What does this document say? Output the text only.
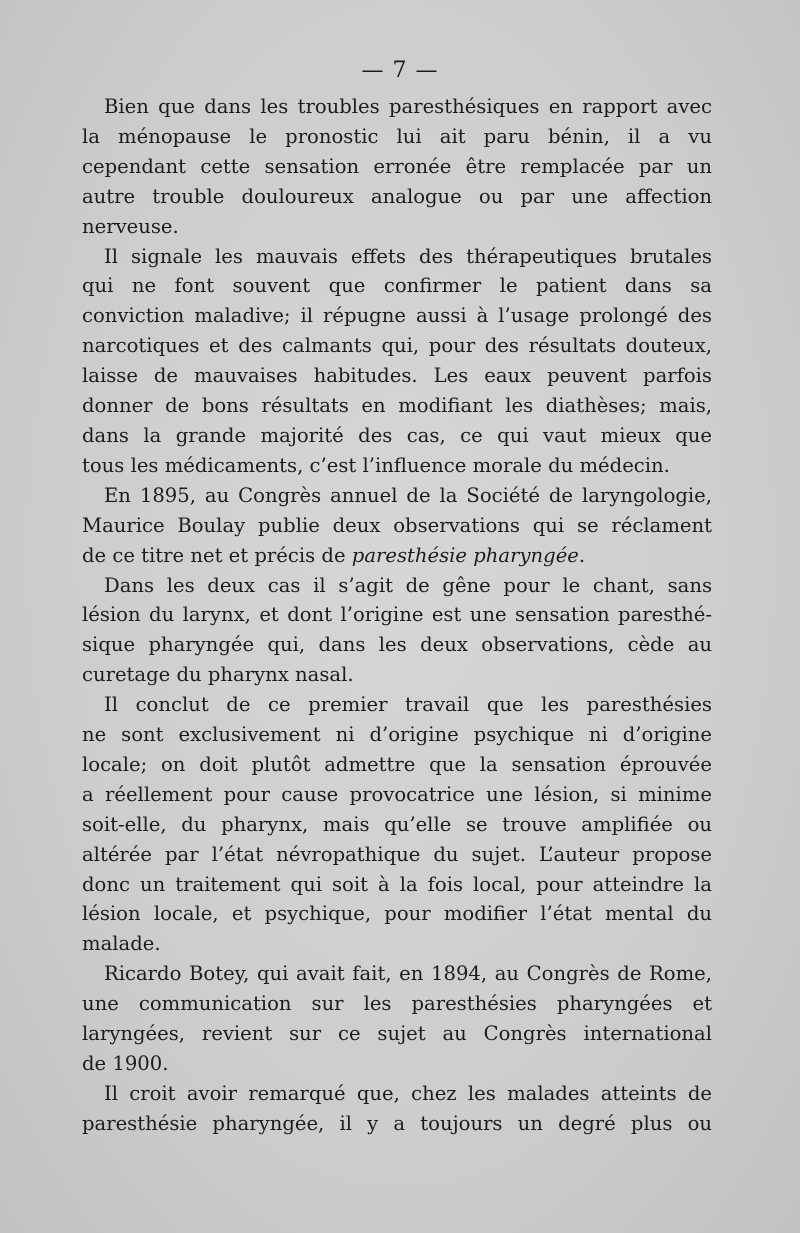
— 7 —

Bien que dans les troubles paresthésiques en rapport avec
la ménopause le pronostic lui ait paru bénin, il a vu
cependant cette sensation erronée être remplacée par un
autre trouble douloureux analogue ou par une affection
nerveuse.

Il signale les mauvais effets des thérapeutiques brutales
qui ne font souvent que confirmer le patient dans sa
conviction maladive; il répugne aussi à l’usage prolongé des
narcotiques et des calmants qui, pour des résultats douteux,
laisse de mauvaises habitudes. Les eaux peuvent parfois
donner de bons résultats en modifiant les diathèses; mais,
dans la grande majorité des cas, ce qui vaut mieux que
tous les médicaments, c’est l’influence morale du médecin.

En 1895, au Congrès annuel de la Société de laryngologie,
Maurice Boulay publie deux observations qui se réclament
de ce titre net et précis de paresthésie pharyngée.

Dans les deux cas il s’agit de gêne pour le chant, sans
lésion du larynx, et dont l’origine est une sensation paresthé-
sique pharyngée qui, dans les deux observations, cède au
curetage du pharynx nasal.

Il conclut de ce premier travail que les paresthésies
ne sont exclusivement ni d’origine psychique ni d’origine
locale; on doit plutôt admettre que la sensation éprouvée
a réellement pour cause provocatrice une lésion, si minime
soit-elle, du pharynx, mais qu’elle se trouve amplifiée ou
altérée par l’état névropathique du sujet. L’auteur propose
donc un traitement qui soit à la fois local, pour atteindre la
lésion locale, et psychique, pour modifier l’état mental du
malade.

Ricardo Botey, qui avait fait, en 1894, au Congrès de Rome,
une communication sur les paresthésies pharyngées et
laryngées, revient sur ce sujet au Congrès international
de 1900.

Il croit avoir remarqué que, chez les malades atteints de
paresthésie pharyngée, il y a toujours un degré plus ou
